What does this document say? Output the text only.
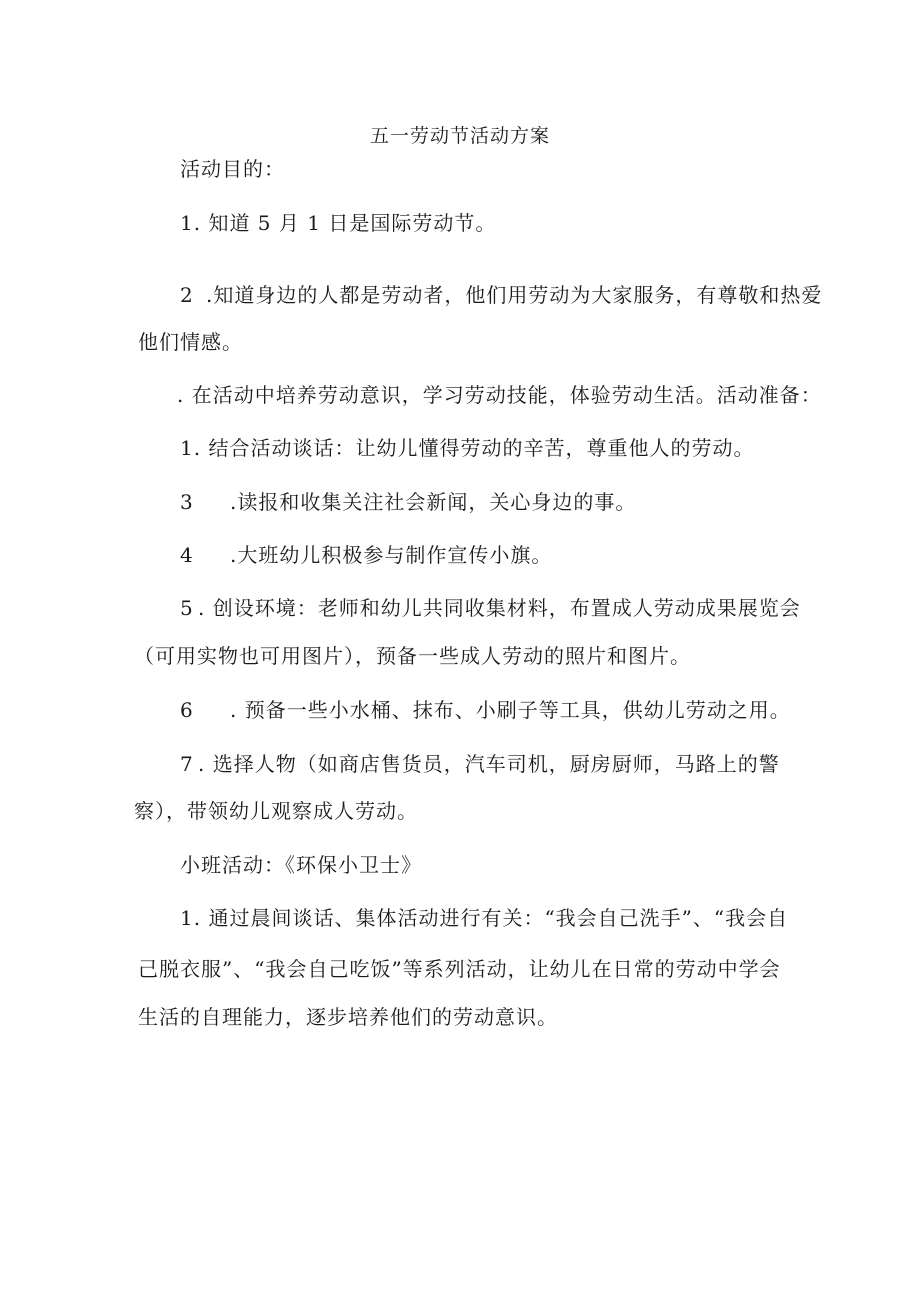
五一劳动节活动方案
活动目的：
1. 知道 5 月 1 日是国际劳动节。
2 .知道身边的人都是劳动者，他们用劳动为大家服务，有尊敬和热爱
他们情感。
. 在活动中培养劳动意识，学习劳动技能，体验劳动生活。活动准备：
1. 结合活动谈话：让幼儿懂得劳动的辛苦，尊重他人的劳动。
3 .读报和收集关注社会新闻，关心身边的事。
4 .大班幼儿积极参与制作宣传小旗。
5 . 创设环境：老师和幼儿共同收集材料，布置成人劳动成果展览会
（可用实物也可用图片），预备一些成人劳动的照片和图片。
6 . 预备一些小水桶、抹布、小刷子等工具，供幼儿劳动之用。
7 . 选择人物（如商店售货员，汽车司机，厨房厨师，马路上的警
察），带领幼儿观察成人劳动。
小班活动：《环保小卫士》
1. 通过晨间谈话、集体活动进行有关：“我会自己洗手”、“我会自
己脱衣服”、“我会自己吃饭”等系列活动，让幼儿在日常的劳动中学会
生活的自理能力，逐步培养他们的劳动意识。
